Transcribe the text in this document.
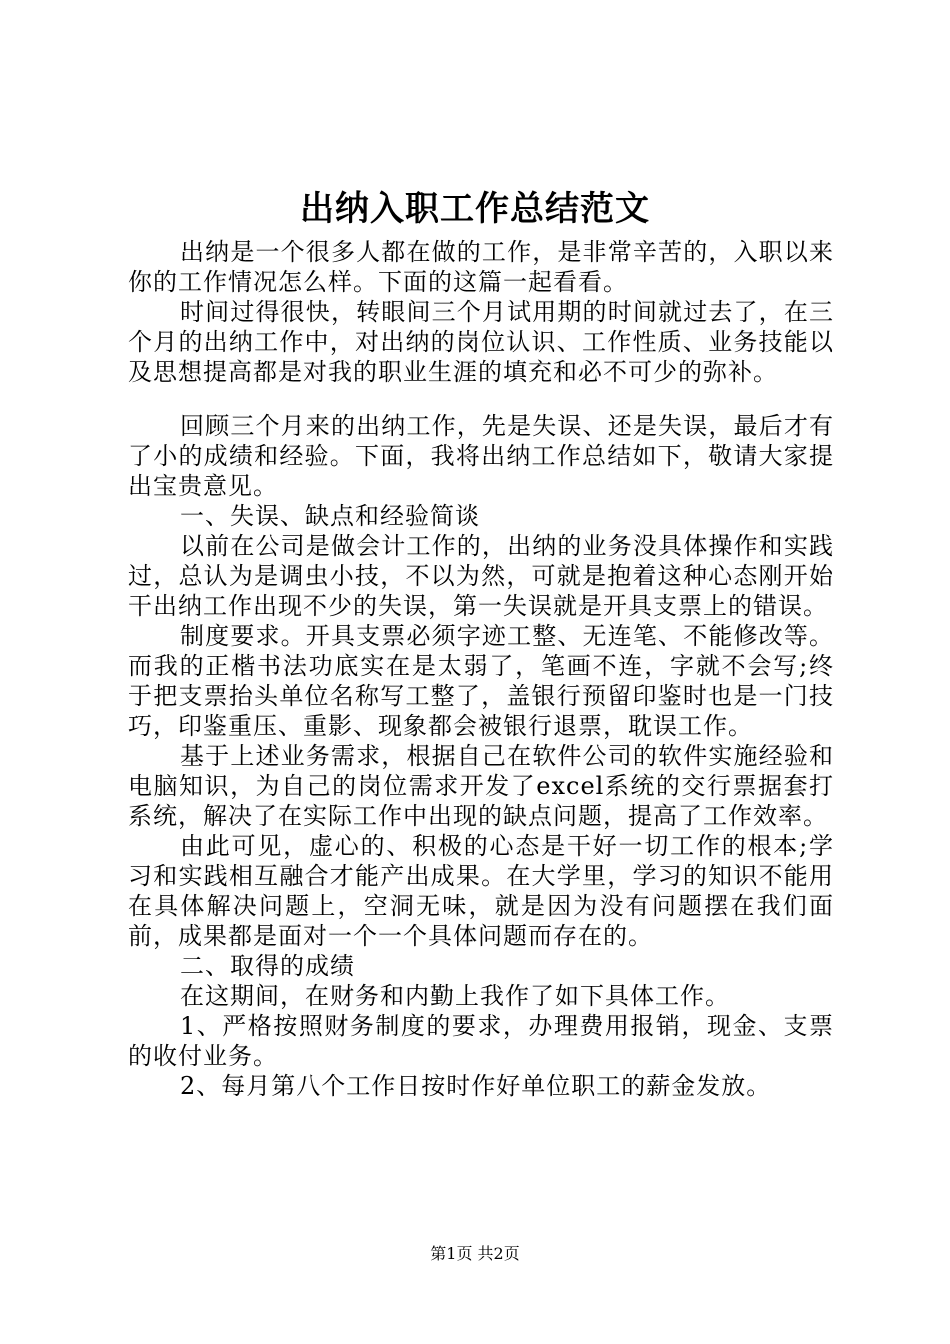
出纳入职工作总结范文

出纳是一个很多人都在做的工作，是非常辛苦的，入职以来你的工作情况怎么样。下面的这篇一起看看。

时间过得很快，转眼间三个月试用期的时间就过去了，在三个月的出纳工作中，对出纳的岗位认识、工作性质、业务技能以及思想提高都是对我的职业生涯的填充和必不可少的弥补。

回顾三个月来的出纳工作，先是失误、还是失误，最后才有了小的成绩和经验。下面，我将出纳工作总结如下，敬请大家提出宝贵意见。

一、失误、缺点和经验简谈

以前在公司是做会计工作的，出纳的业务没具体操作和实践过，总认为是调虫小技，不以为然，可就是抱着这种心态刚开始干出纳工作出现不少的失误，第一失误就是开具支票上的错误。

制度要求。开具支票必须字迹工整、无连笔、不能修改等。而我的正楷书法功底实在是太弱了，笔画不连，字就不会写;终于把支票抬头单位名称写工整了，盖银行预留印鉴时也是一门技巧，印鉴重压、重影、现象都会被银行退票，耽误工作。

基于上述业务需求，根据自己在软件公司的软件实施经验和电脑知识，为自己的岗位需求开发了excel系统的交行票据套打系统，解决了在实际工作中出现的缺点问题，提高了工作效率。

由此可见，虚心的、积极的心态是干好一切工作的根本;学习和实践相互融合才能产出成果。在大学里，学习的知识不能用在具体解决问题上，空洞无味，就是因为没有问题摆在我们面前，成果都是面对一个一个具体问题而存在的。

二、取得的成绩

在这期间，在财务和内勤上我作了如下具体工作。

1、严格按照财务制度的要求，办理费用报销，现金、支票的收付业务。

2、每月第八个工作日按时作好单位职工的薪金发放。

第1页 共2页
